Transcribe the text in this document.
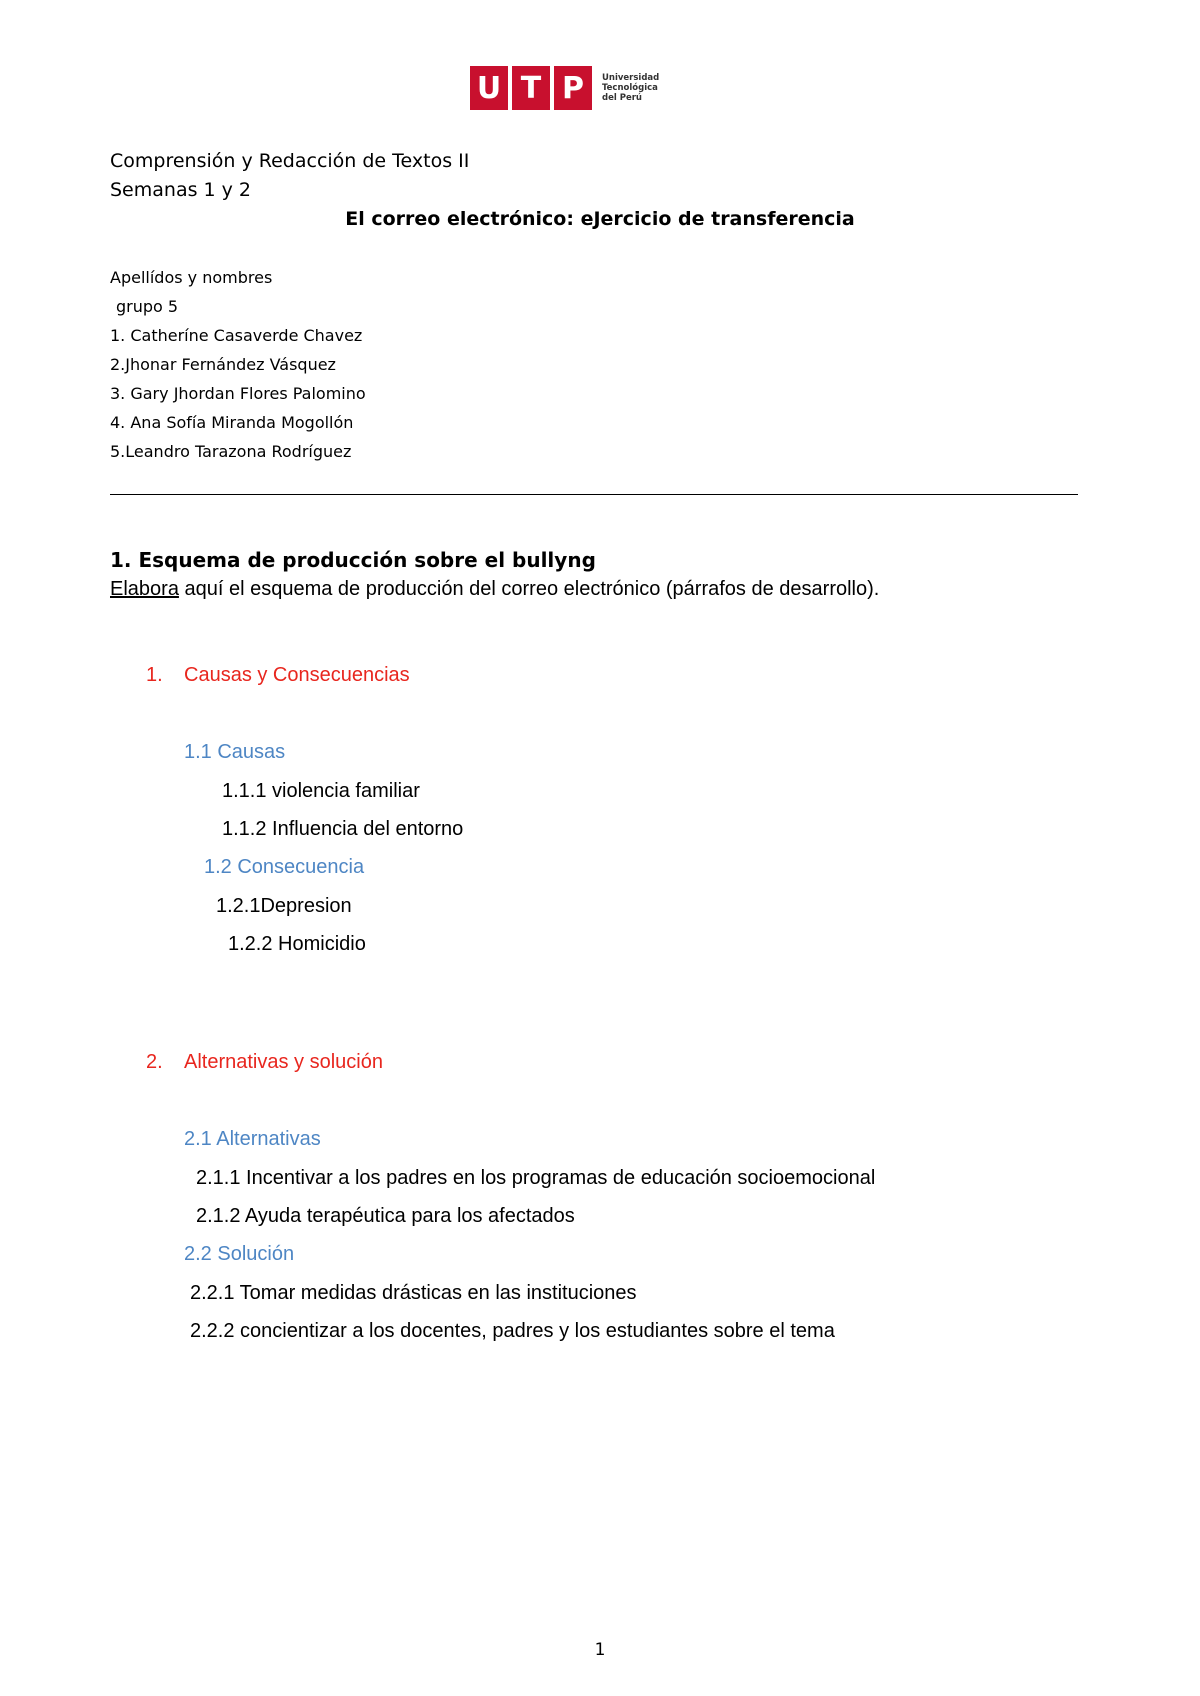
U T P	Universidad
Tecnológica
del Perú
Comprensión y Redacción de Textos II
Semanas 1 y 2
El correo electrónico: eJercicio de transferencia
Apellídos y nombres
grupo 5
1. Catheríne Casaverde Chavez
2.Jhonar Fernández Vásquez
3. Gary Jhordan Flores Palomino
4. Ana Sofía Miranda Mogollón
5.Leandro Tarazona Rodríguez
1. Esquema de producción sobre el bullyng
Elabora aquí el esquema de producción del correo electrónico (párrafos de desarrollo).
1. Causas y Consecuencias
1.1 Causas
1.1.1 violencia familiar
1.1.2 Influencia del entorno
1.2 Consecuencia
1.2.1Depresion
1.2.2 Homicidio
2. Alternativas y solución
2.1 Alternativas
2.1.1 Incentivar a los padres en los programas de educación socioemocional
2.1.2 Ayuda terapéutica para los afectados
2.2 Solución
2.2.1 Tomar medidas drásticas en las instituciones
2.2.2 concientizar a los docentes, padres y los estudiantes sobre el tema
1
